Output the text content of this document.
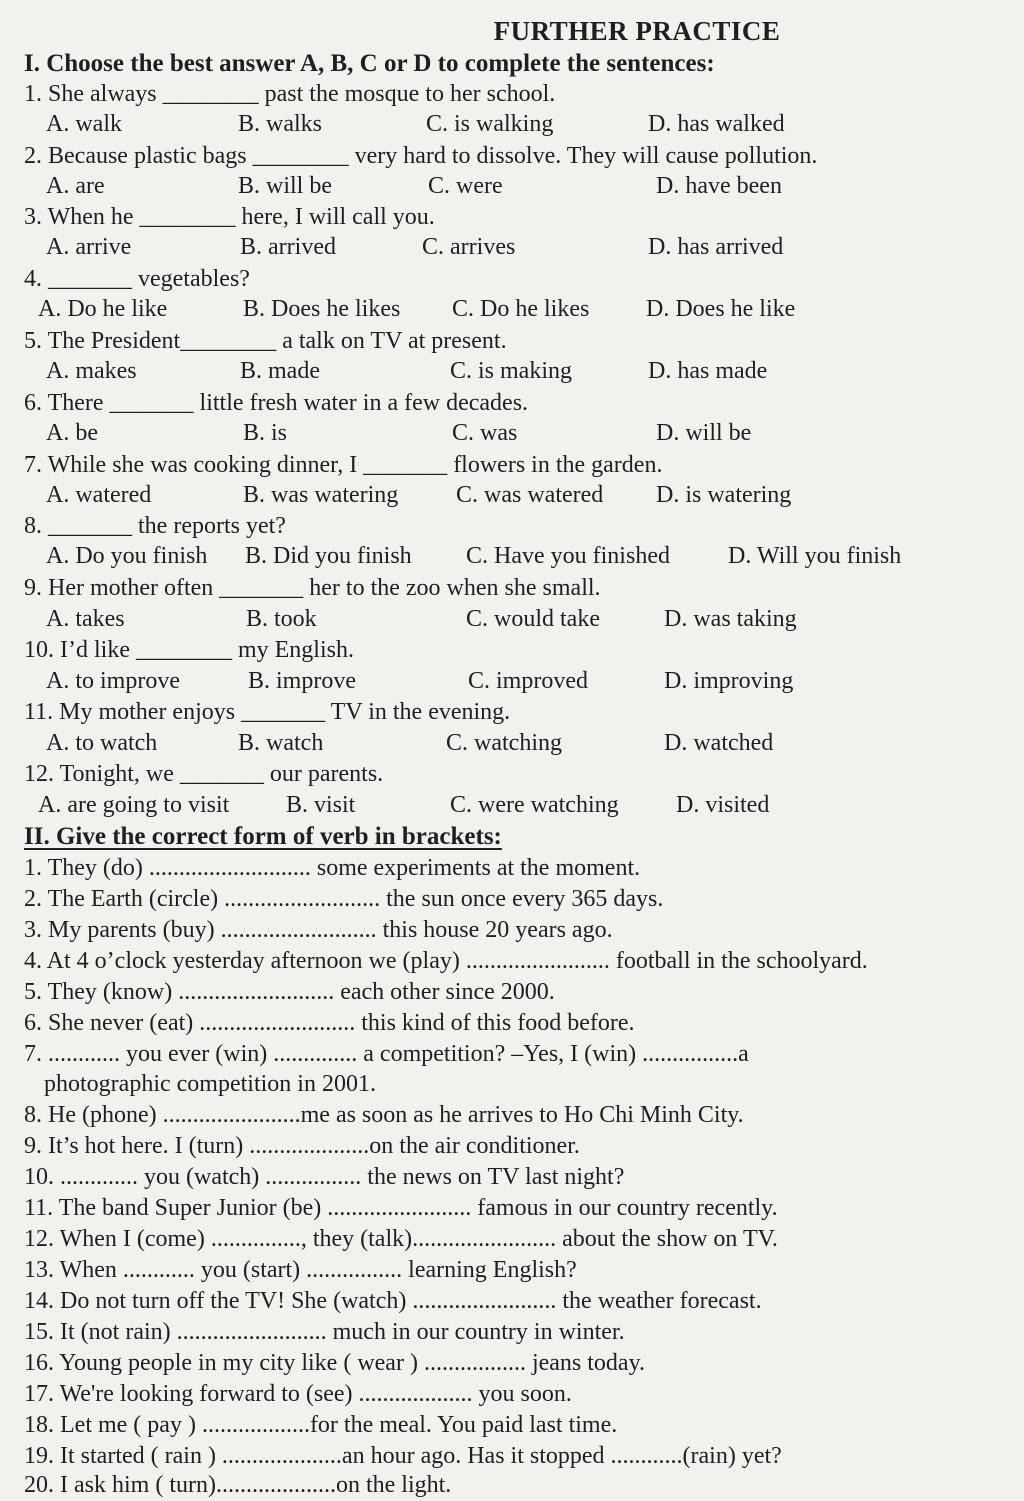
FURTHER PRACTICE
I. Choose the best answer A, B, C or D to complete the sentences:
1. She always ________ past the mosque to her school.
A. walk	B. walks	C. is walking	D. has walked
2. Because plastic bags ________ very hard to dissolve. They will cause pollution.
A. are	B. will be	C. were	D. have been
3. When he ________ here, I will call you.
A. arrive	B. arrived	C. arrives	D. has arrived
4. _______ vegetables?
A. Do he like	B. Does he likes C. Do he likes D. Does he like
5. The President________ a talk on TV at present.
A. makes	B. made	C. is making	D. has made
6. There _______ little fresh water in a few decades.
A. be	B. is	C. was	D. will be
7. While she was cooking dinner, I _______ flowers in the garden.
A. watered	B. was watering C. was watered D. is watering
8. _______ the reports yet?
A. Do you finish B. Did you finish C. Have you finished D. Will you finish
9. Her mother often _______ her to the zoo when she small.
A. takes	B. took	C. would take	D. was taking
10. I’d like ________ my English.
A. to improve	B. improve	C. improved	D. improving
11. My mother enjoys _______ TV in the evening.
A. to watch	B. watch	C. watching	D. watched
12. Tonight, we _______ our parents.
A. are going to visit B. visit	C. were watching D. visited
II. Give the correct form of verb in brackets:
1. They (do) ........................... some experiments at the moment.
2. The Earth (circle) .......................... the sun once every 365 days.
3. My parents (buy) .......................... this house 20 years ago.
4. At 4 o’clock yesterday afternoon we (play) ........................ football in the schoolyard.
5. They (know) .......................... each other since 2000.
6. She never (eat) .......................... this kind of this food before.
7. ............ you ever (win) .............. a competition? –Yes, I (win) ................a
photographic competition in 2001.
8. He (phone) .......................me as soon as he arrives to Ho Chi Minh City.
9. It’s hot here. I (turn) ....................on the air conditioner.
10. ............. you (watch) ................ the news on TV last night?
11. The band Super Junior (be) ........................ famous in our country recently.
12. When I (come) ..............., they (talk)........................ about the show on TV.
13. When ............ you (start) ................ learning English?
14. Do not turn off the TV! She (watch) ........................ the weather forecast.
15. It (not rain) ......................... much in our country in winter.
16. Young people in my city like ( wear ) ................. jeans today.
17. We're looking forward to (see) ................... you soon.
18. Let me ( pay ) ..................for the meal. You paid last time.
19. It started ( rain ) ....................an hour ago. Has it stopped ............(rain) yet?
20. I ask him ( turn)....................on the light.
